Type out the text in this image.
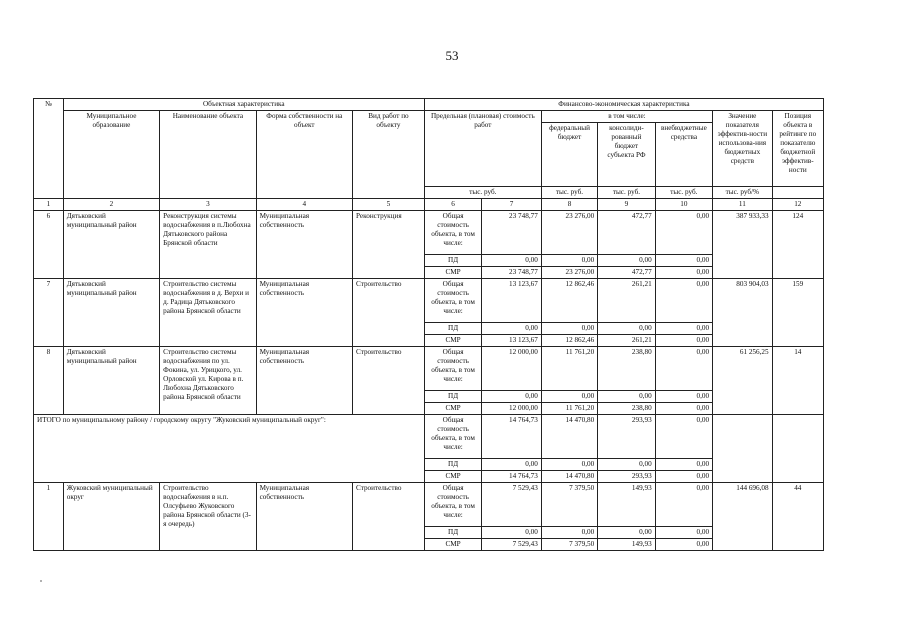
53
№	Объектная характеристика				Финансово-экономическая характеристика						
	Муниципальное образование	Наименование объекта	Форма собственности на объект	Вид работ по объекту	Предельная (плановая) стоимость работ		в том числе:			Значение показателя эффектив-ности использова-ния бюджетных средств	Позиция объекта в рейтинге по показателю бюджетной эффектив-ности
							федеральный бюджет	консолиди-рованный бюджет субъекта РФ	внебюджетные средства		
					тыс. руб.		тыс. руб.	тыс. руб.	тыс. руб.	тыс. руб/%	
1	2	3	4	5	6	7	8	9	10	11	12
6	Дятьковский муниципальный район	Реконструкция системы водоснабжения в п.Любохна Дятьковского района Брянской области	Муниципальная собственность	Реконструкция	Общая стоимость объекта, в том числе:	23 748,77	23 276,00	472,77	0,00	387 933,33	124
					ПД	0,00	0,00	0,00	0,00		
					СМР	23 748,77	23 276,00	472,77	0,00		
7	Дятьковский муниципальный район	Строительство системы водоснабжения в д. Верхи и д. Радица Дятьковского района Брянской области	Муниципальная собственность	Строительство	Общая стоимость объекта, в том числе:	13 123,67	12 862,46	261,21	0,00	803 904,03	159
					ПД	0,00	0,00	0,00	0,00		
					СМР	13 123,67	12 862,46	261,21	0,00		
8	Дятьковский муниципальный район	Строительство системы водоснабжения по ул. Фокина, ул. Урицкого, ул. Орловской ул. Кирова в п. Любохна Дятьковского района Брянской области	Муниципальная собственность	Строительство	Общая стоимость объекта, в том числе:	12 000,00	11 761,20	238,80	0,00	61 256,25	14
					ПД	0,00	0,00	0,00	0,00		
					СМР	12 000,00	11 761,20	238,80	0,00		
ИТОГО по муниципальному району / городскому округу "Жуковский муниципальный округ":					Общая стоимость объекта, в том числе:	14 764,73	14 470,80	293,93	0,00		
					ПД	0,00	0,00	0,00	0,00		
					СМР	14 764,73	14 470,80	293,93	0,00		
1	Жуковский муниципальный округ	Строительство водоснабжения в н.п. Олсуфьево Жуковского района Брянской области (3-я очередь)	Муниципальная собственность	Строительство	Общая стоимость объекта, в том числе:	7 529,43	7 379,50	149,93	0,00	144 696,08	44
					ПД	0,00	0,00	0,00	0,00		
					СМР	7 529,43	7 379,50	149,93	0,00		
